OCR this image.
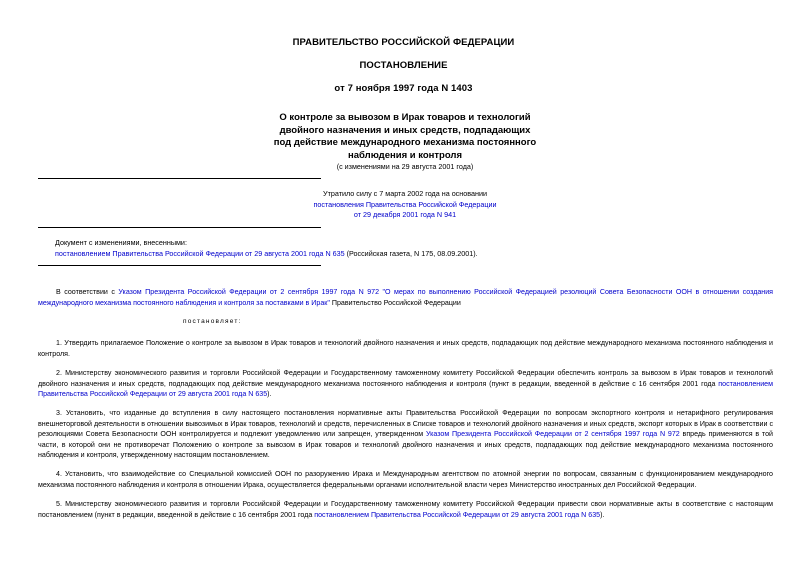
ПРАВИТЕЛЬСТВО РОССИЙСКОЙ ФЕДЕРАЦИИ
ПОСТАНОВЛЕНИЕ
от 7 ноября 1997 года N 1403
О контроле за вывозом в Ирак товаров и технологий
двойного назначения и иных средств, подпадающих
под действие международного механизма постоянного
наблюдения и контроля
(с изменениями на 29 августа 2001 года)
Утратило силу с 7 марта 2002 года на основании
постановления Правительства Российской Федерации
от 29 декабря 2001 года N 941
Документ с изменениями, внесенными:
постановлением Правительства Российской Федерации от 29 августа 2001 года N 635 (Российская газета, N 175, 08.09.2001).
В соответствии с Указом Президента Российской Федерации от 2 сентября 1997 года N 972 "О мерах по выполнению Российской Федерацией резолюций Совета Безопасности ООН в отношении создания международного механизма постоянного наблюдения и контроля за поставками в Ирак" Правительство Российской Федерации
постановляет:
1. Утвердить прилагаемое Положение о контроле за вывозом в Ирак товаров и технологий двойного назначения и иных средств, подпадающих под действие международного механизма постоянного наблюдения и контроля.
2. Министерству экономического развития и торговли Российской Федерации и Государственному таможенному комитету Российской Федерации обеспечить контроль за вывозом в Ирак товаров и технологий двойного назначения и иных средств, подпадающих под действие международного механизма постоянного наблюдения и контроля (пункт в редакции, введенной в действие с 16 сентября 2001 года постановлением Правительства Российской Федерации от 29 августа 2001 года N 635).
3. Установить, что изданные до вступления в силу настоящего постановления нормативные акты Правительства Российской Федерации по вопросам экспортного контроля и нетарифного регулирования внешнеторговой деятельности в отношении вывозимых в Ирак товаров, технологий и средств, перечисленных в Списке товаров и технологий двойного назначения и иных средств, экспорт которых в Ирак в соответствии с резолюциями Совета Безопасности ООН контролируется и подлежит уведомлению или запрещен, утвержденном Указом Президента Российской Федерации от 2 сентября 1997 года N 972 впредь применяются в той части, в которой они не противоречат Положению о контроле за вывозом в Ирак товаров и технологий двойного назначения и иных средств, подпадающих под действие международного механизма постоянного наблюдения и контроля, утвержденному настоящим постановлением.
4. Установить, что взаимодействие со Специальной комиссией ООН по разоружению Ирака и Международным агентством по атомной энергии по вопросам, связанным с функционированием международного механизма постоянного наблюдения и контроля в отношении Ирака, осуществляется федеральными органами исполнительной власти через Министерство иностранных дел Российской Федерации.
5. Министерству экономического развития и торговли Российской Федерации и Государственному таможенному комитету Российской Федерации привести свои нормативные акты в соответствие с настоящим постановлением (пункт в редакции, введенной в действие с 16 сентября 2001 года постановлением Правительства Российской Федерации от 29 августа 2001 года N 635).
